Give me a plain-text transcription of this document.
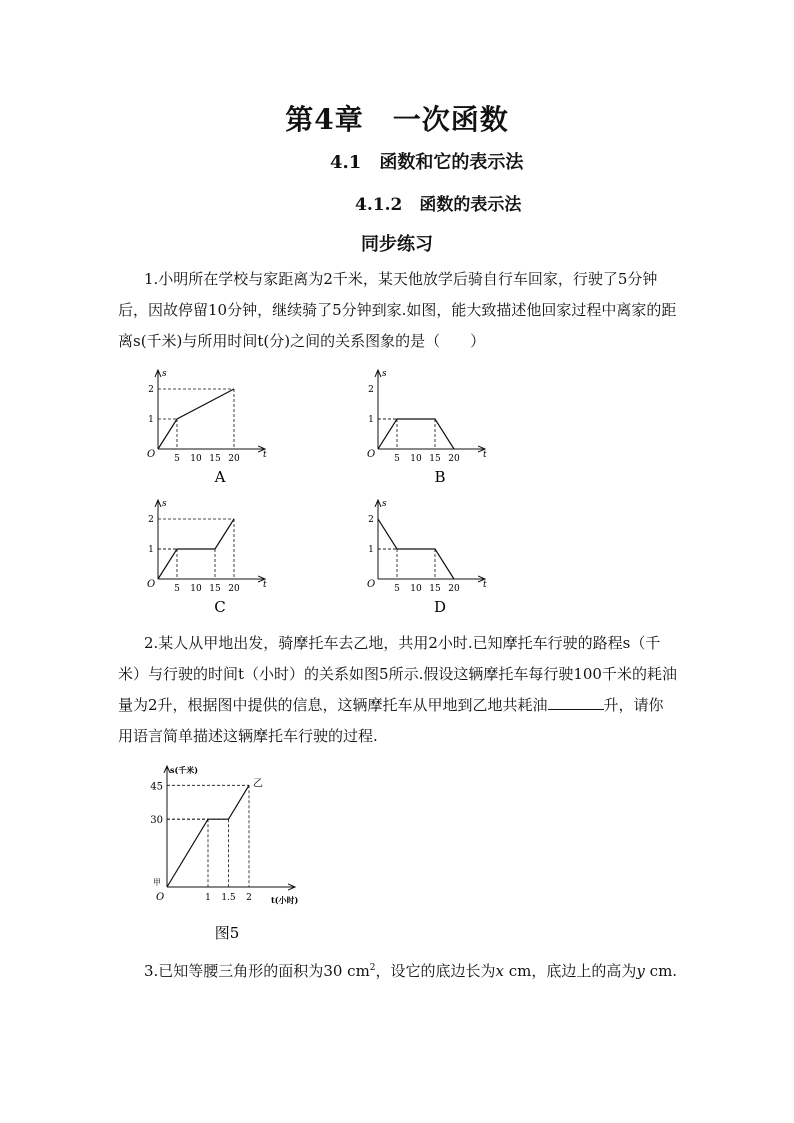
第4章　一次函数
4.1　函数和它的表示法
4.1.2　函数的表示法
同步练习
1.小明所在学校与家距离为2千米，某天他放学后骑自行车回家，行驶了5分钟后，因故停留10分钟，继续骑了5分钟到家.如图，能大致描述他回家过程中离家的距离s(千米)与所用时间t(分)之间的关系图象的是（　　）
t
s
O 5 10 15 20
1
2
A
t
s
O 5 10 15 20
1
2
B
t
s
O 5 10 15 20
1
2
C
t
s
O 5 10 15 20
1
2
D
2.某人从甲地出发，骑摩托车去乙地，共用2小时.已知摩托车行驶的路程s（千米）与行驶的时间t（小时）的关系如图5所示.假设这辆摩托车每行驶100千米的耗油量为2升，根据图中提供的信息，这辆摩托车从甲地到乙地共耗油	升，请你用语言简单描述这辆摩托车行驶的过程.
s(千米)
t(小时)
O
甲
乙
30
45
1 1.5 2
图5
3.已知等腰三角形的面积为30 $cm^2$，设它的底边长为x cm，底边上的高为y cm.
